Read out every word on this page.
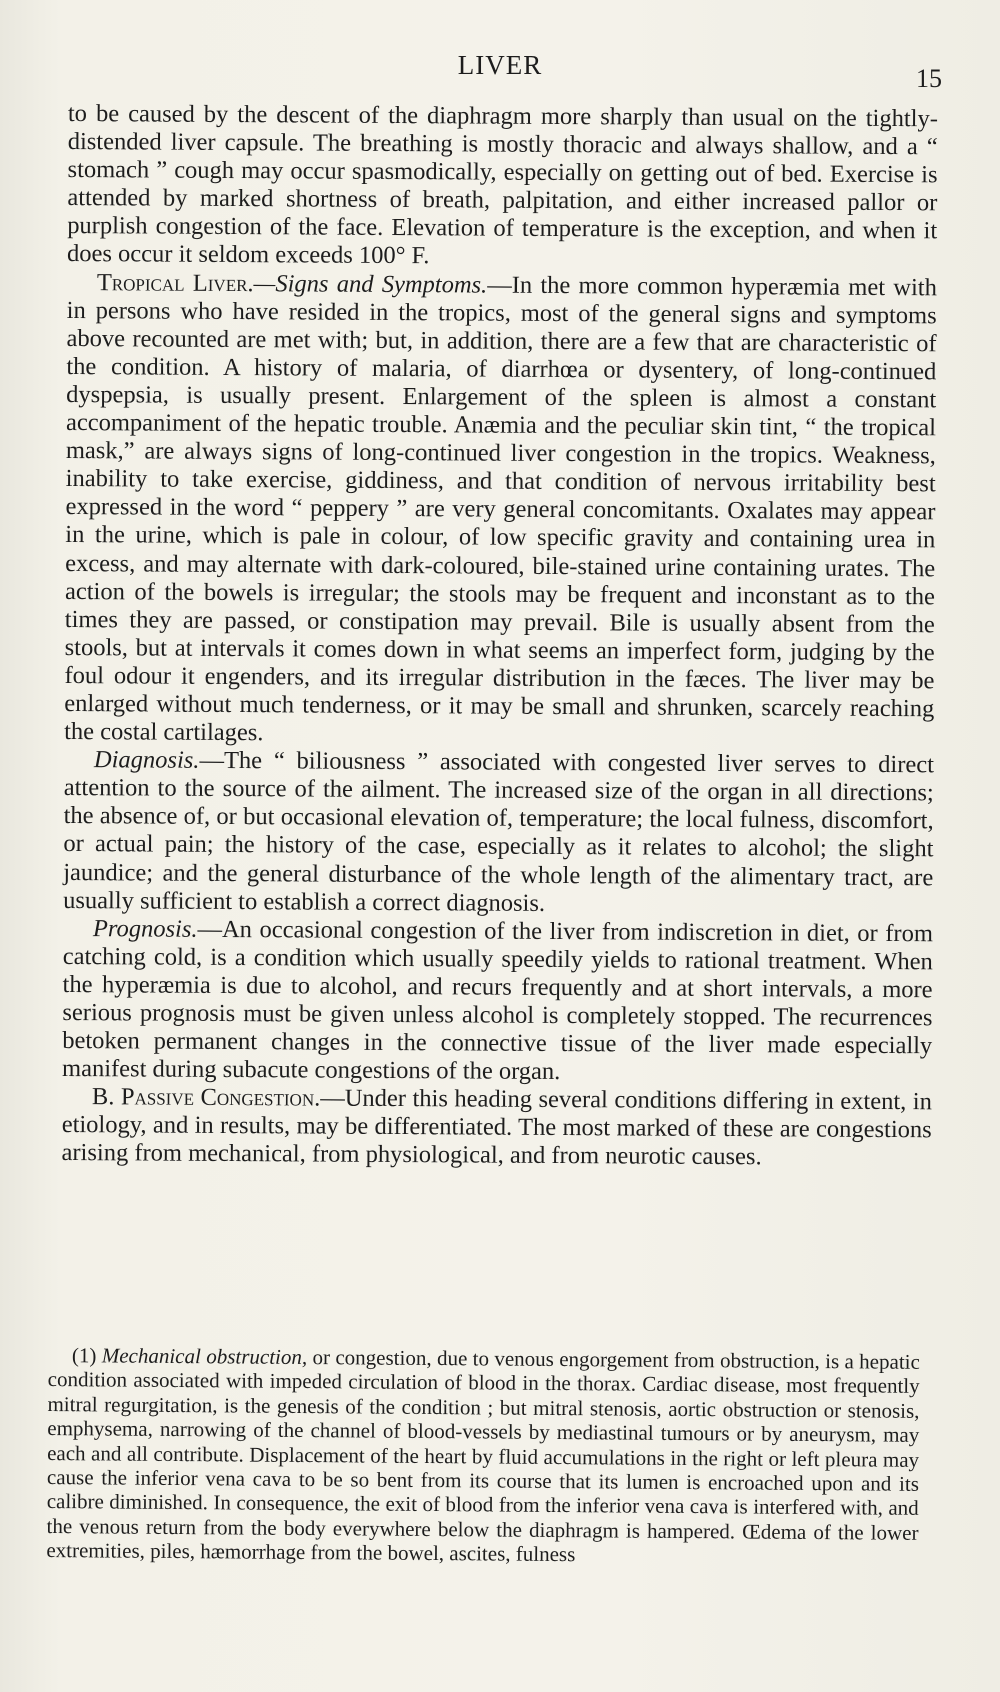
LIVER	15

to be caused by the descent of the diaphragm more sharply than usual on the tightly-distended liver capsule. The breathing is mostly thoracic and always shallow, and a “ stomach ” cough may occur spasmodically, especially on getting out of bed. Exercise is attended by marked shortness of breath, palpitation, and either increased pallor or purplish congestion of the face. Elevation of temperature is the exception, and when it does occur it seldom exceeds 100° F.

Tropical Liver.—Signs and Symptoms.—In the more common hyperæmia met with in persons who have resided in the tropics, most of the general signs and symptoms above recounted are met with; but, in addition, there are a few that are characteristic of the condition. A history of malaria, of diarrhœa or dysentery, of long-continued dyspepsia, is usually present. Enlargement of the spleen is almost a constant accompaniment of the hepatic trouble. Anæmia and the peculiar skin tint, “ the tropical mask,” are always signs of long-continued liver congestion in the tropics. Weakness, inability to take exercise, giddiness, and that condition of nervous irritability best expressed in the word “ peppery ” are very general concomitants. Oxalates may appear in the urine, which is pale in colour, of low specific gravity and containing urea in excess, and may alternate with dark-coloured, bile-stained urine containing urates. The action of the bowels is irregular; the stools may be frequent and inconstant as to the times they are passed, or constipation may prevail. Bile is usually absent from the stools, but at intervals it comes down in what seems an imperfect form, judging by the foul odour it engenders, and its irregular distribution in the fæces. The liver may be enlarged without much tenderness, or it may be small and shrunken, scarcely reaching the costal cartilages.

Diagnosis.—The “ biliousness ” associated with congested liver serves to direct attention to the source of the ailment. The increased size of the organ in all directions; the absence of, or but occasional elevation of, temperature; the local fulness, discomfort, or actual pain; the history of the case, especially as it relates to alcohol; the slight jaundice; and the general disturbance of the whole length of the alimentary tract, are usually sufficient to establish a correct diagnosis.

Prognosis.—An occasional congestion of the liver from indiscretion in diet, or from catching cold, is a condition which usually speedily yields to rational treatment. When the hyperæmia is due to alcohol, and recurs frequently and at short intervals, a more serious prognosis must be given unless alcohol is completely stopped. The recurrences betoken permanent changes in the connective tissue of the liver made especially manifest during subacute congestions of the organ.

B. Passive Congestion.—Under this heading several conditions differing in extent, in etiology, and in results, may be differentiated. The most marked of these are congestions arising from mechanical, from physiological, and from neurotic causes.

(1) Mechanical obstruction, or congestion, due to venous engorgement from obstruction, is a hepatic condition associated with impeded circulation of blood in the thorax. Cardiac disease, most frequently mitral regurgitation, is the genesis of the condition ; but mitral stenosis, aortic obstruction or stenosis, emphysema, narrowing of the channel of blood-vessels by mediastinal tumours or by aneurysm, may each and all contribute. Displacement of the heart by fluid accumulations in the right or left pleura may cause the inferior vena cava to be so bent from its course that its lumen is encroached upon and its calibre diminished. In consequence, the exit of blood from the inferior vena cava is interfered with, and the venous return from the body everywhere below the diaphragm is hampered. Œdema of the lower extremities, piles, hæmorrhage from the bowel, ascites, fulness
